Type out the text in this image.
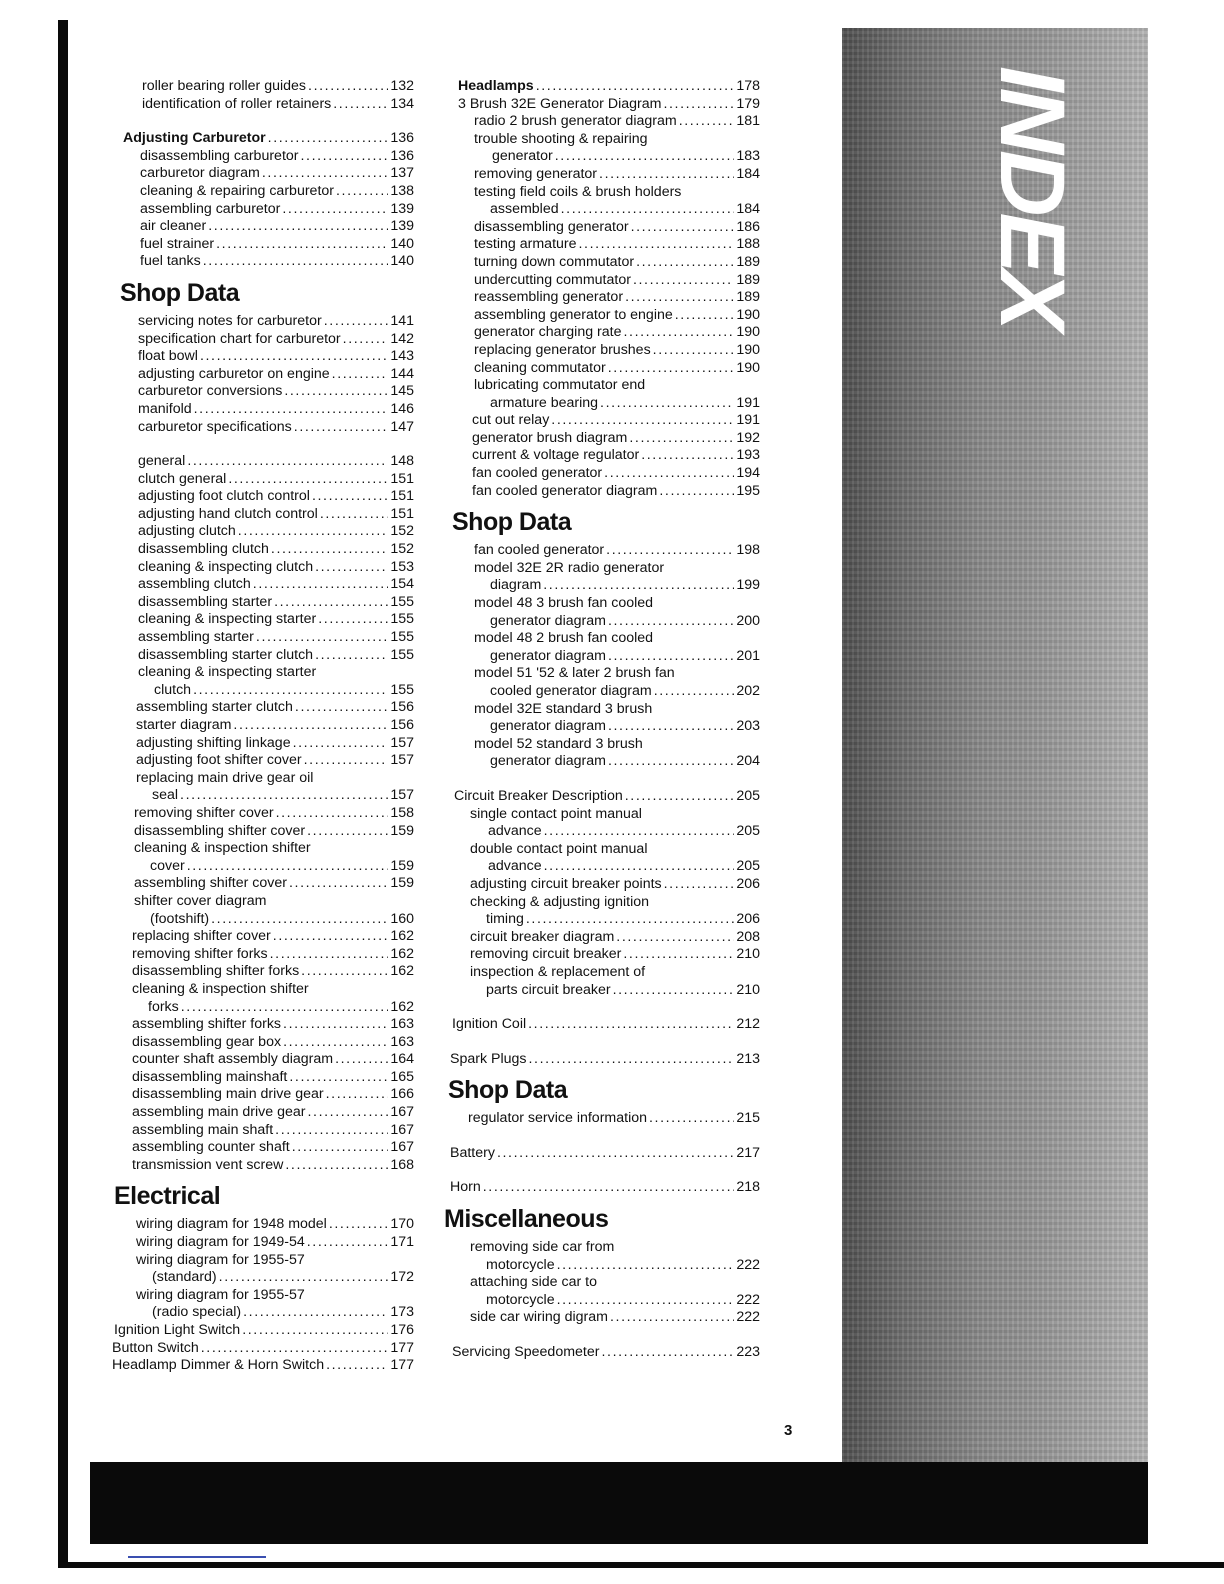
roller bearing roller guides .....	132
identification of roller retainers .....	134
Adjusting Carburetor .....	136
disassembling carburetor .....	136
carburetor diagram .....	137
cleaning & repairing carburetor .....	138
assembling carburetor .....	139
air cleaner .....	139
fuel strainer .....	140
fuel tanks .....	140
Shop Data
servicing notes for carburetor .....	141
specification chart for carburetor .....	142
float bowl .....	143
adjusting carburetor on engine .....	144
carburetor conversions .....	145
manifold .....	146
carburetor specifications .....	147
general .....	148
clutch general .....	151
adjusting foot clutch control .....	151
adjusting hand clutch control .....	151
adjusting clutch .....	152
disassembling clutch .....	152
cleaning & inspecting clutch .....	153
assembling clutch .....	154
disassembling starter .....	155
cleaning & inspecting starter .....	155
assembling starter .....	155
disassembling starter clutch .....	155
cleaning & inspecting starter
clutch .....	155
assembling starter clutch .....	156
starter diagram .....	156
adjusting shifting linkage .....	157
adjusting foot shifter cover .....	157
replacing main drive gear oil
seal .....	157
removing shifter cover .....	158
disassembling shifter cover .....	159
cleaning & inspection shifter
cover .....	159
assembling shifter cover .....	159
shifter cover diagram
(footshift) .....	160
replacing shifter cover .....	162
removing shifter forks .....	162
disassembling shifter forks .....	162
cleaning & inspection shifter
forks .....	162
assembling shifter forks .....	163
disassembling gear box .....	163
counter shaft assembly diagram .....	164
disassembling mainshaft .....	165
disassembling main drive gear .....	166
assembling main drive gear .....	167
assembling main shaft .....	167
assembling counter shaft .....	167
transmission vent screw .....	168
Electrical
wiring diagram for 1948 model .....	170
wiring diagram for 1949-54 .....	171
wiring diagram for 1955-57
(standard) .....	172
wiring diagram for 1955-57
(radio special) .....	173
Ignition Light Switch .....	176
Button Switch .....	177
Headlamp Dimmer & Horn Switch .....	177
Headlamps .....	178
3 Brush 32E Generator Diagram .....	179
radio 2 brush generator diagram .....	181
trouble shooting & repairing
generator .....	183
removing generator .....	184
testing field coils & brush holders
assembled .....	184
disassembling generator .....	186
testing armature .....	188
turning down commutator .....	189
undercutting commutator .....	189
reassembling generator .....	189
assembling generator to engine .....	190
generator charging rate .....	190
replacing generator brushes .....	190
cleaning commutator .....	190
lubricating commutator end
armature bearing .....	191
cut out relay .....	191
generator brush diagram .....	192
current & voltage regulator .....	193
fan cooled generator .....	194
fan cooled generator diagram .....	195
Shop Data
fan cooled generator .....	198
model 32E 2R radio generator
diagram .....	199
model 48 3 brush fan cooled
generator diagram .....	200
model 48 2 brush fan cooled
generator diagram .....	201
model 51 '52 & later 2 brush fan
cooled generator diagram .....	202
model 32E standard 3 brush
generator diagram .....	203
model 52 standard 3 brush
generator diagram .....	204
Circuit Breaker Description .....	205
single contact point manual
advance .....	205
double contact point manual
advance .....	205
adjusting circuit breaker points .....	206
checking & adjusting ignition
timing .....	206
circuit breaker diagram .....	208
removing circuit breaker .....	210
inspection & replacement of
parts circuit breaker .....	210
Ignition Coil .....	212
Spark Plugs .....	213
Shop Data
regulator service information .....	215
Battery .....	217
Horn .....	218
Miscellaneous
removing side car from
motorcycle .....	222
attaching side car to
motorcycle .....	222
side car wiring digram .....	222
Servicing Speedometer .....	223
INDEX
3
